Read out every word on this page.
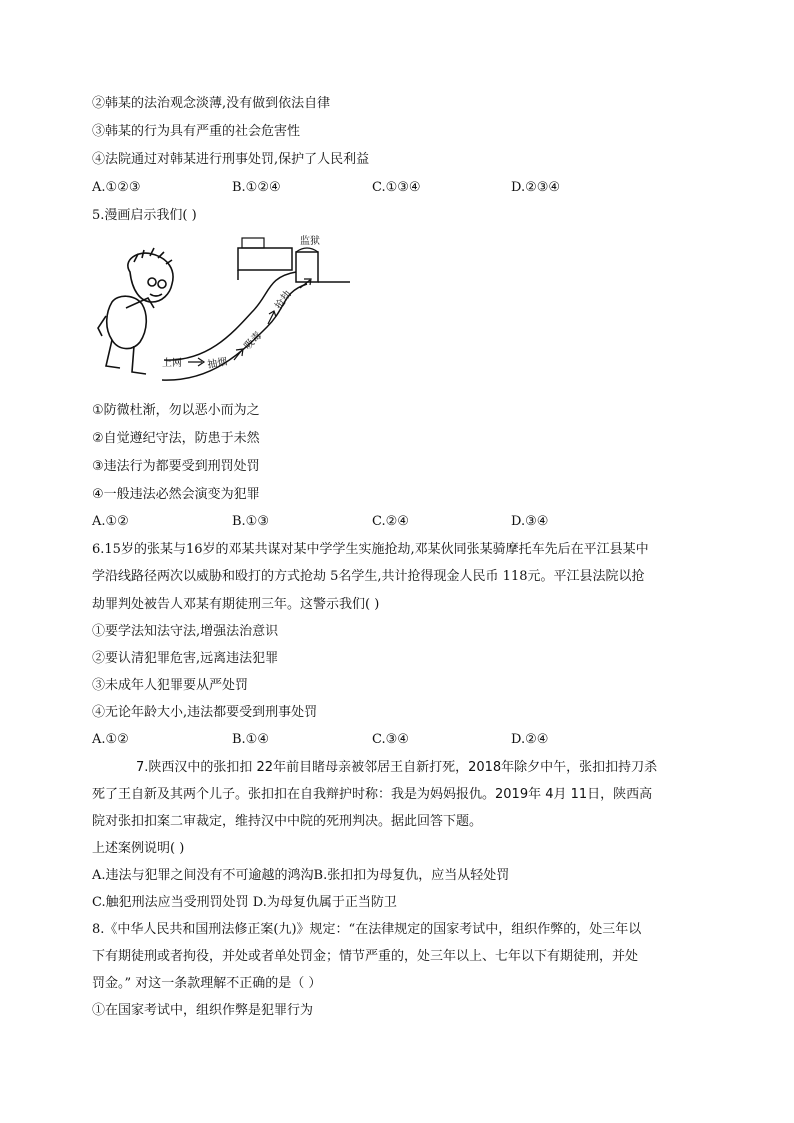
②韩某的法治观念淡薄,没有做到依法自律
③韩某的行为具有严重的社会危害性
④法院通过对韩某进行刑事处罚,保护了人民利益
A.①②③	B.①②④	C.①③④	D.②③④
5.漫画启示我们( )
监狱
上网 抽烟
吸毒
抢劫
①防微杜渐，勿以恶小而为之
②自觉遵纪守法，防患于未然
③违法行为都要受到刑罚处罚
④一般违法必然会演变为犯罪
A.①②	B.①③	C.②④	D.③④
6.15岁的张某与16岁的邓某共谋对某中学学生实施抢劫,邓某伙同张某骑摩托车先后在平江县某中
学沿线路径两次以威胁和殴打的方式抢劫 5名学生,共计抢得现金人民币 118元。平江县法院以抢
劫罪判处被告人邓某有期徒刑三年。这警示我们( )
①要学法知法守法,增强法治意识
②要认清犯罪危害,远离违法犯罪
③未成年人犯罪要从严处罚
④无论年龄大小,违法都要受到刑事处罚
A.①②	B.①④	C.③④	D.②④
7.陕西汉中的张扣扣 22年前目睹母亲被邻居王自新打死，2018年除夕中午，张扣扣持刀杀
死了王自新及其两个儿子。张扣扣在自我辩护时称：我是为妈妈报仇。2019年 4月 11日，陕西高
院对张扣扣案二审裁定，维持汉中中院的死刑判决。据此回答下题。
上述案例说明( )
A.违法与犯罪之间没有不可逾越的鸿沟B.张扣扣为母复仇，应当从轻处罚
C.触犯刑法应当受刑罚处罚 D.为母复仇属于正当防卫
8.《中华人民共和国刑法修正案(九)》规定：“在法律规定的国家考试中，组织作弊的，处三年以
下有期徒刑或者拘役，并处或者单处罚金；情节严重的，处三年以上、七年以下有期徒刑，并处
罚金。” 对这一条款理解不正确的是（ ）
①在国家考试中，组织作弊是犯罪行为
